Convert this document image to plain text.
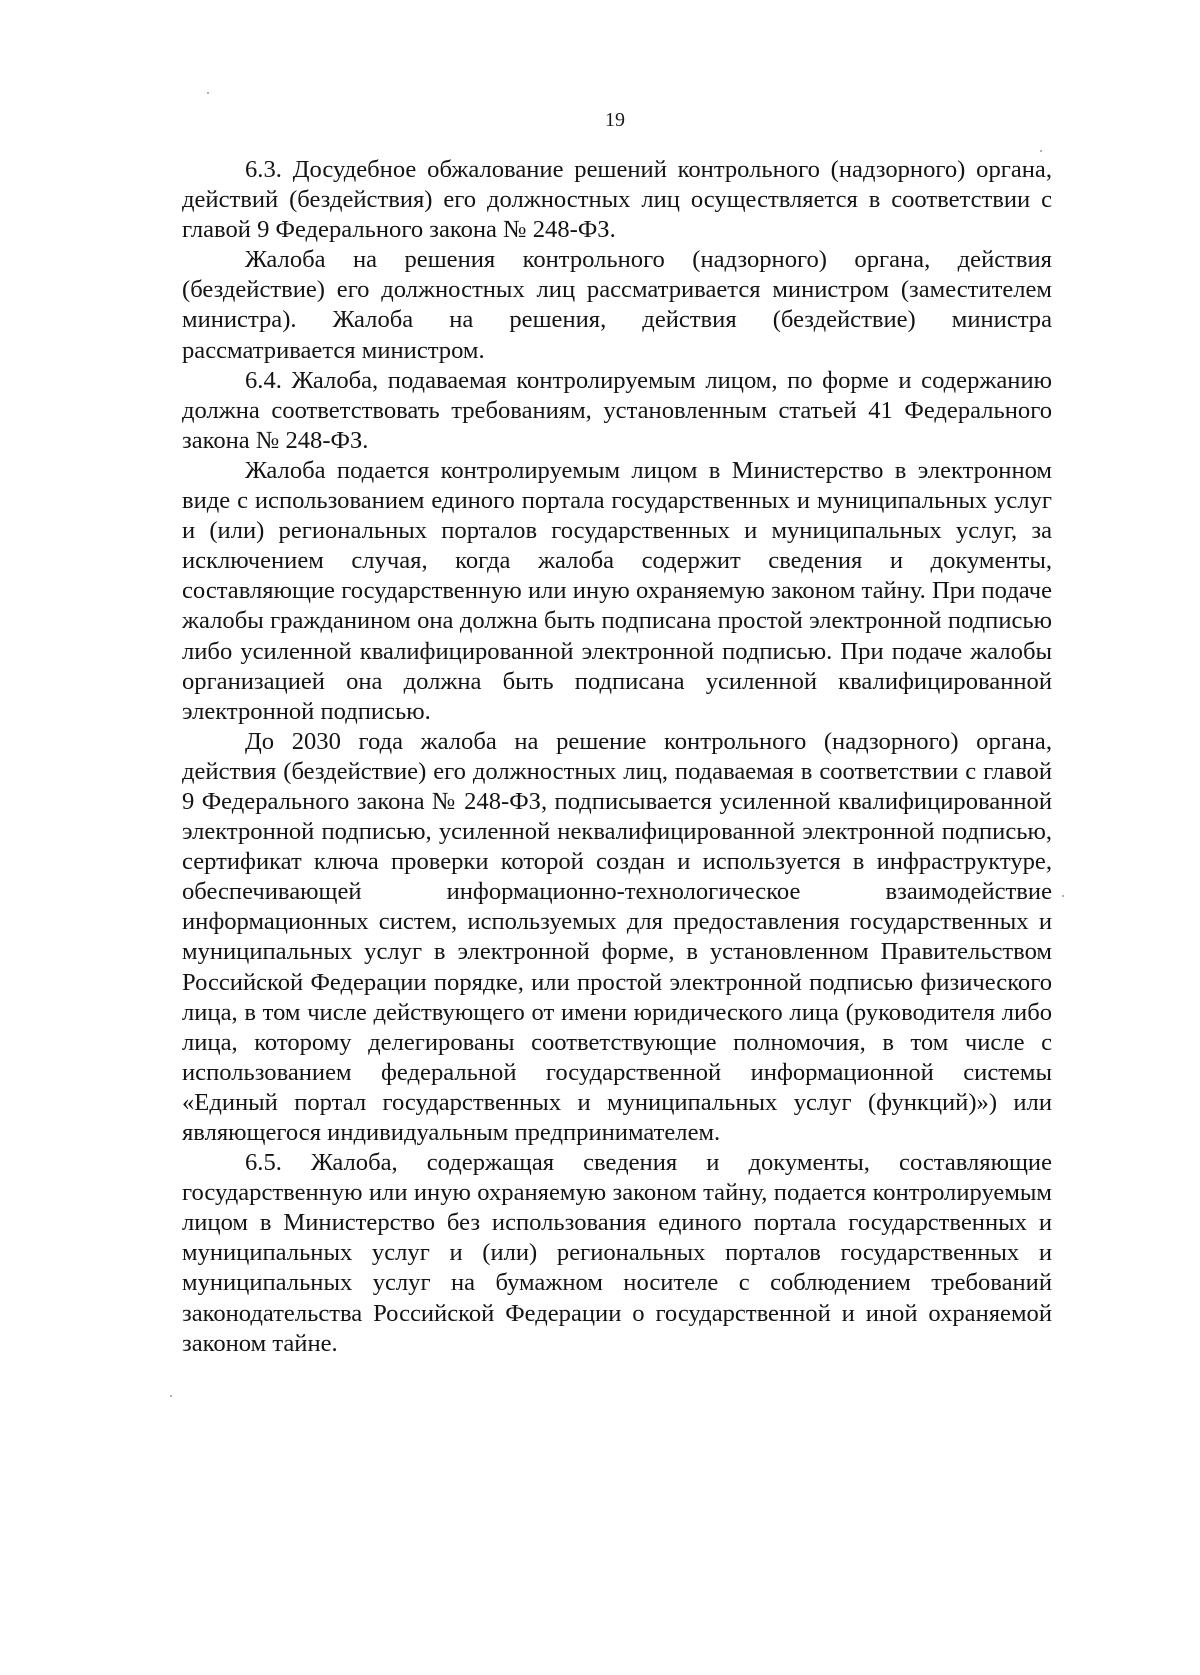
19

6.3. Досудебное обжалование решений контрольного (надзорного) органа, действий (бездействия) его должностных лиц осуществляется в соответствии с главой 9 Федерального закона № 248-ФЗ.

Жалоба на решения контрольного (надзорного) органа, действия (бездействие) его должностных лиц рассматривается министром (заместителем министра). Жалоба на решения, действия (бездействие) министра рассматривается министром.

6.4. Жалоба, подаваемая контролируемым лицом, по форме и содержанию должна соответствовать требованиям, установленным статьей 41 Федерального закона № 248-ФЗ.

Жалоба подается контролируемым лицом в Министерство в электронном виде с использованием единого портала государственных и муниципальных услуг и (или) региональных порталов государственных и муниципальных услуг, за исключением случая, когда жалоба содержит сведения и документы, составляющие государственную или иную охраняемую законом тайну. При подаче жалобы гражданином она должна быть подписана простой электронной подписью либо усиленной квалифицированной электронной подписью. При подаче жалобы организацией она должна быть подписана усиленной квалифицированной электронной подписью.

До 2030 года жалоба на решение контрольного (надзорного) органа, действия (бездействие) его должностных лиц, подаваемая в соответствии с главой 9 Федерального закона № 248-ФЗ, подписывается усиленной квалифицированной электронной подписью, усиленной неквалифицированной электронной подписью, сертификат ключа проверки которой создан и используется в инфраструктуре, обеспечивающей информационно-технологическое взаимодействие информационных систем, используемых для предоставления государственных и муниципальных услуг в электронной форме, в установленном Правительством Российской Федерации порядке, или простой электронной подписью физического лица, в том числе действующего от имени юридического лица (руководителя либо лица, которому делегированы соответствующие полномочия, в том числе с использованием федеральной государственной информационной системы «Единый портал государственных и муниципальных услуг (функций)») или являющегося индивидуальным предпринимателем.

6.5. Жалоба, содержащая сведения и документы, составляющие государственную или иную охраняемую законом тайну, подается контролируемым лицом в Министерство без использования единого портала государственных и муниципальных услуг и (или) региональных порталов государственных и муниципальных услуг на бумажном носителе с соблюдением требований законодательства Российской Федерации о государственной и иной охраняемой законом тайне.
